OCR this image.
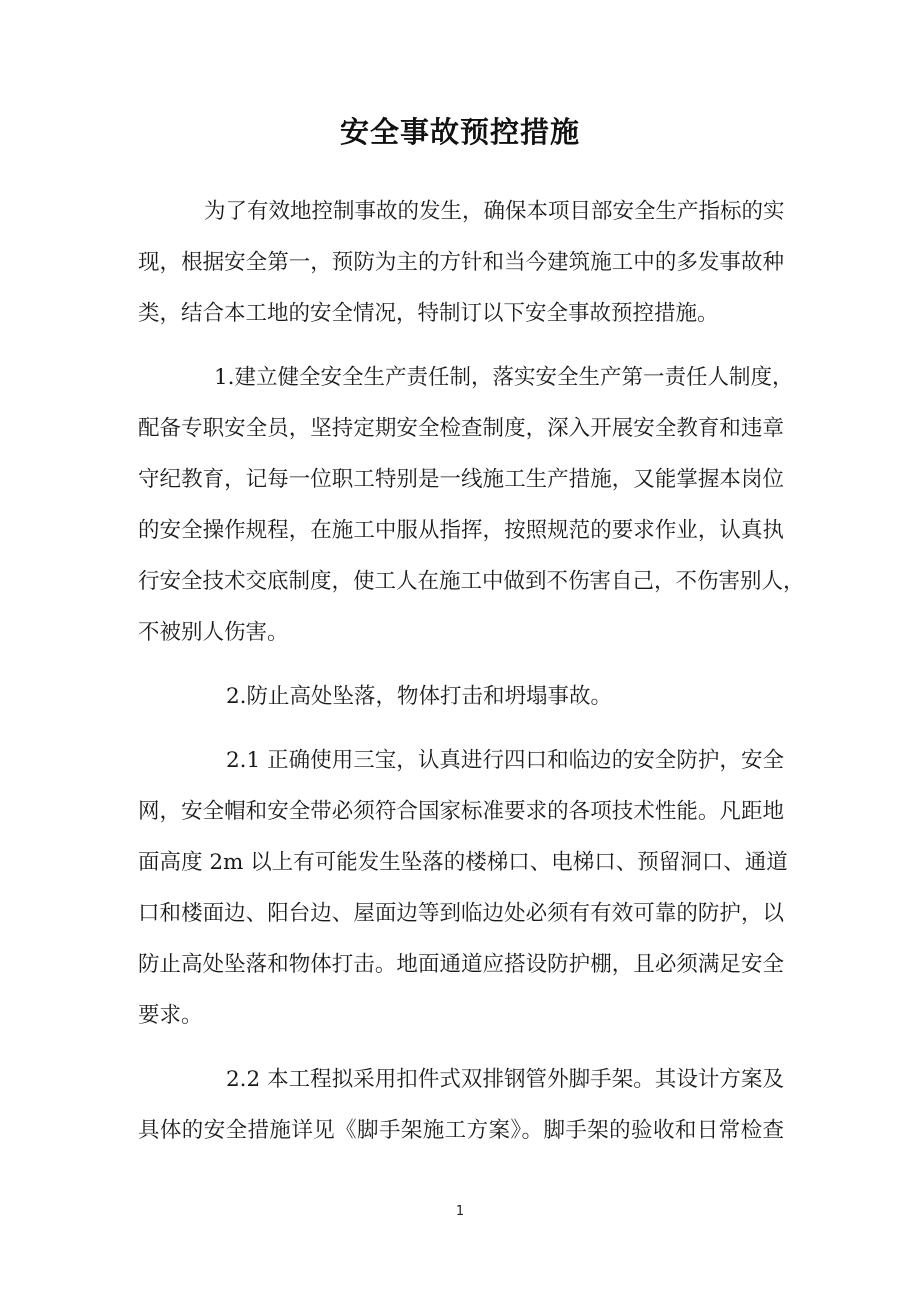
安全事故预控措施
为了有效地控制事故的发生，确保本项目部安全生产指标的实
现，根据安全第一，预防为主的方针和当今建筑施工中的多发事故种
类，结合本工地的安全情况，特制订以下安全事故预控措施。
1.建立健全安全生产责任制，落实安全生产第一责任人制度，
配备专职安全员，坚持定期安全检查制度，深入开展安全教育和违章
守纪教育，记每一位职工特别是一线施工生产措施，又能掌握本岗位
的安全操作规程，在施工中服从指挥，按照规范的要求作业，认真执
行安全技术交底制度，使工人在施工中做到不伤害自己，不伤害别人，
不被别人伤害。
2.防止高处坠落，物体打击和坍塌事故。
2.1 正确使用三宝，认真进行四口和临边的安全防护，安全
网，安全帽和安全带必须符合国家标准要求的各项技术性能。凡距地
面高度 2m 以上有可能发生坠落的楼梯口、电梯口、预留洞口、通道
口和楼面边、阳台边、屋面边等到临边处必须有有效可靠的防护，以
防止高处坠落和物体打击。地面通道应搭设防护棚，且必须满足安全
要求。
2.2 本工程拟采用扣件式双排钢管外脚手架。其设计方案及
具体的安全措施详见《脚手架施工方案》。脚手架的验收和日常检查
1
